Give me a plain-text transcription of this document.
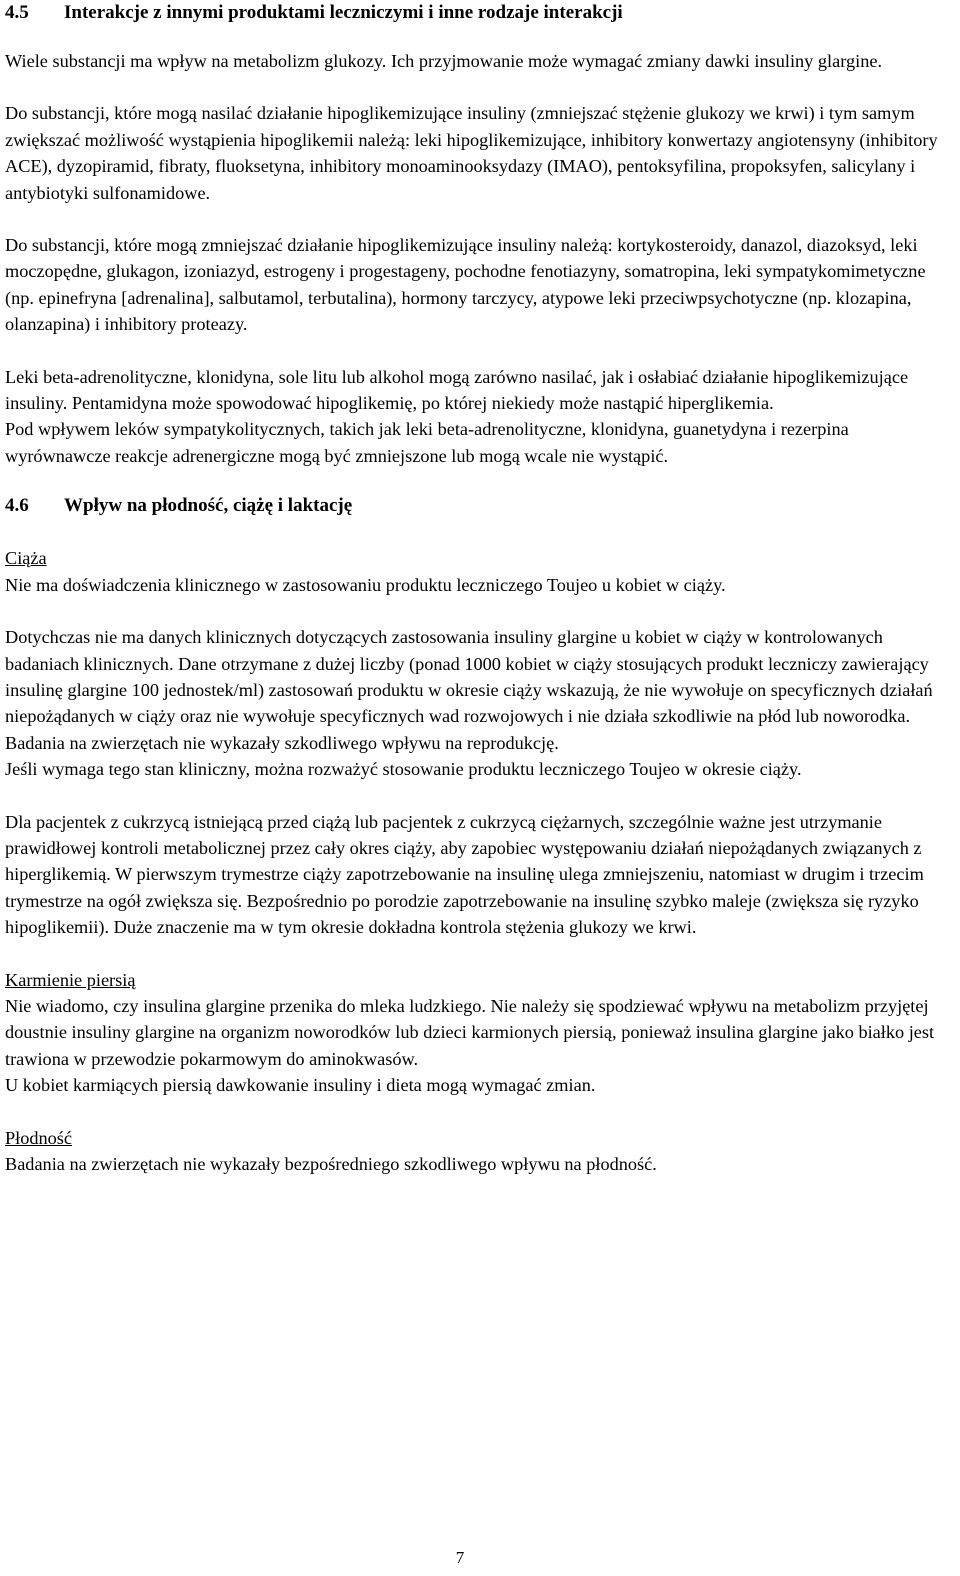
4.5 Interakcje z innymi produktami leczniczymi i inne rodzaje interakcji

Wiele substancji ma wpływ na metabolizm glukozy. Ich przyjmowanie może wymagać zmiany dawki insuliny glargine.

Do substancji, które mogą nasilać działanie hipoglikemizujące insuliny (zmniejszać stężenie glukozy we krwi) i tym samym zwiększać możliwość wystąpienia hipoglikemii należą: leki hipoglikemizujące, inhibitory konwertazy angiotensyny (inhibitory ACE), dyzopiramid, fibraty, fluoksetyna, inhibitory monoaminooksydazy (IMAO), pentoksyfilina, propoksyfen, salicylany i antybiotyki sulfonamidowe.

Do substancji, które mogą zmniejszać działanie hipoglikemizujące insuliny należą: kortykosteroidy, danazol, diazoksyd, leki moczopędne, glukagon, izoniazyd, estrogeny i progestageny, pochodne fenotiazyny, somatropina, leki sympatykomimetyczne (np. epinefryna [adrenalina], salbutamol, terbutalina), hormony tarczycy, atypowe leki przeciwpsychotyczne (np. klozapina, olanzapina) i inhibitory proteazy.

Leki beta-adrenolityczne, klonidyna, sole litu lub alkohol mogą zarówno nasilać, jak i osłabiać działanie hipoglikemizujące insuliny. Pentamidyna może spowodować hipoglikemię, po której niekiedy może nastąpić hiperglikemia.

Pod wpływem leków sympatykolitycznych, takich jak leki beta-adrenolityczne, klonidyna, guanetydyna i rezerpina wyrównawcze reakcje adrenergiczne mogą być zmniejszone lub mogą wcale nie wystąpić.

4.6 Wpływ na płodność, ciążę i laktację
Ciąża

Nie ma doświadczenia klinicznego w zastosowaniu produktu leczniczego Toujeo u kobiet w ciąży.

Dotychczas nie ma danych klinicznych dotyczących zastosowania insuliny glargine u kobiet w ciąży w kontrolowanych badaniach klinicznych. Dane otrzymane z dużej liczby (ponad 1000 kobiet w ciąży stosujących produkt leczniczy zawierający insulinę glargine 100 jednostek/ml) zastosowań produktu w okresie ciąży wskazują, że nie wywołuje on specyficznych działań niepożądanych w ciąży oraz nie wywołuje specyficznych wad rozwojowych i nie działa szkodliwie na płód lub noworodka.

Badania na zwierzętach nie wykazały szkodliwego wpływu na reprodukcję.

Jeśli wymaga tego stan kliniczny, można rozważyć stosowanie produktu leczniczego Toujeo w okresie ciąży.

Dla pacjentek z cukrzycą istniejącą przed ciążą lub pacjentek z cukrzycą ciężarnych, szczególnie ważne jest utrzymanie prawidłowej kontroli metabolicznej przez cały okres ciąży, aby zapobiec występowaniu działań niepożądanych związanych z hiperglikemią. W pierwszym trymestrze ciąży zapotrzebowanie na insulinę ulega zmniejszeniu, natomiast w drugim i trzecim trymestrze na ogół zwiększa się. Bezpośrednio po porodzie zapotrzebowanie na insulinę szybko maleje (zwiększa się ryzyko hipoglikemii). Duże znaczenie ma w tym okresie dokładna kontrola stężenia glukozy we krwi.

Karmienie piersią

Nie wiadomo, czy insulina glargine przenika do mleka ludzkiego. Nie należy się spodziewać wpływu na metabolizm przyjętej doustnie insuliny glargine na organizm noworodków lub dzieci karmionych piersią, ponieważ insulina glargine jako białko jest trawiona w przewodzie pokarmowym do aminokwasów.

U kobiet karmiących piersią dawkowanie insuliny i dieta mogą wymagać zmian.

Płodność

Badania na zwierzętach nie wykazały bezpośredniego szkodliwego wpływu na płodność.

7
